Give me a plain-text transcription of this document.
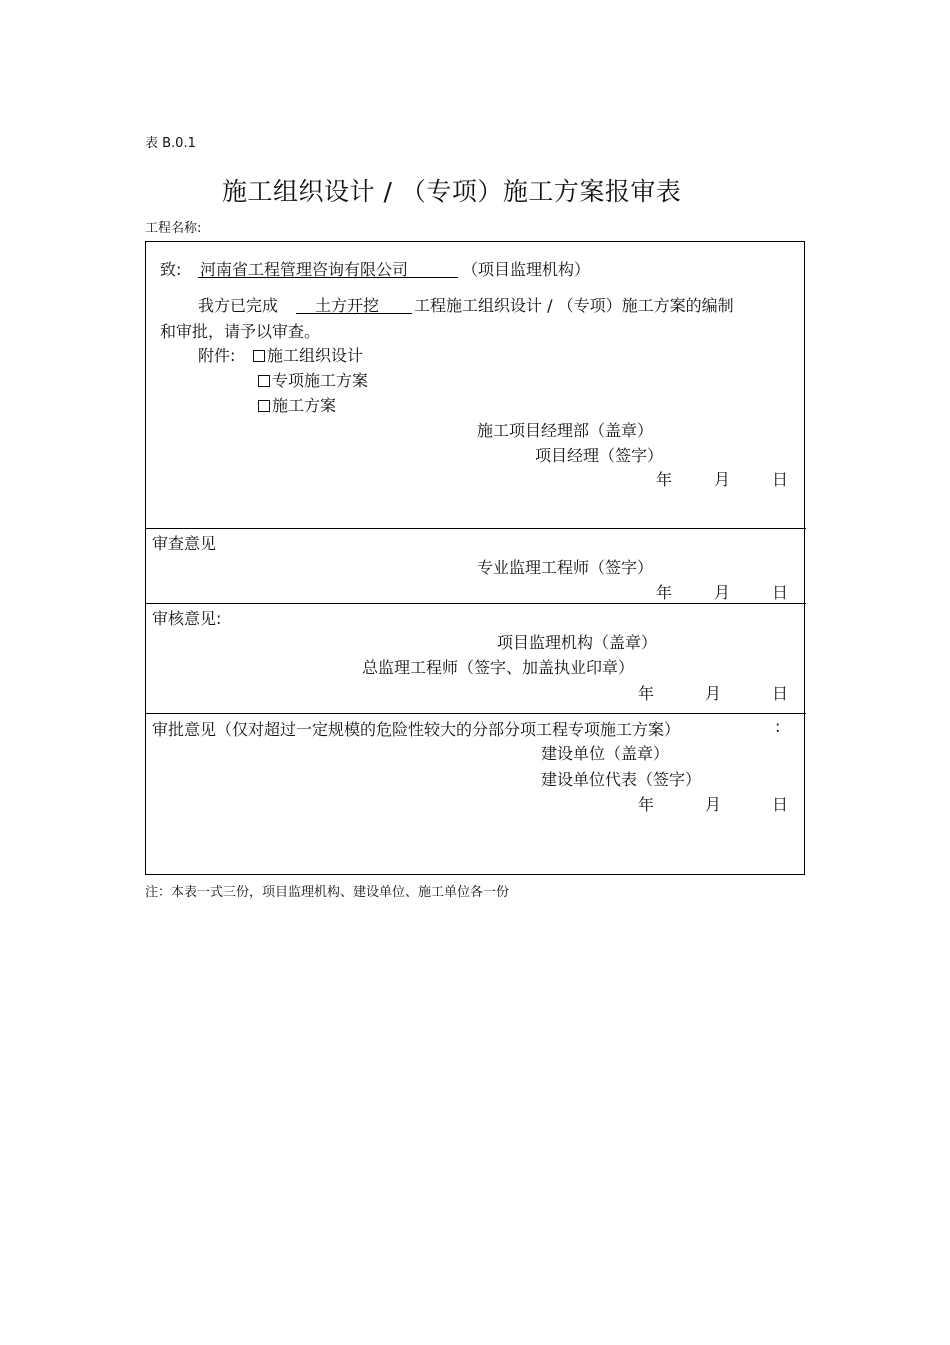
表 B.0.1
施工组织设计 / （专项）施工方案报审表
工程名称:
致: 河南省工程管理咨询有限公司	（项目监理机构）
我方已完成 土方开挖 工程施工组织设计 / （专项）施工方案的编制
和审批，请予以审查。
附件:	施工组织设计
专项施工方案
施工方案
施工项目经理部（盖章）
项目经理（签字）
年	月	日
审查意见
专业监理工程师（签字）
年	月	日
审核意见:
项目监理机构（盖章）
总监理工程师（签字、加盖执业印章）
年	月	日
审批意见（仅对超过一定规模的危险性较大的分部分项工程专项施工方案）	:
建设单位（盖章）
建设单位代表（签字）
年	月	日
注：本表一式三份，项目监理机构、建设单位、施工单位各一份
